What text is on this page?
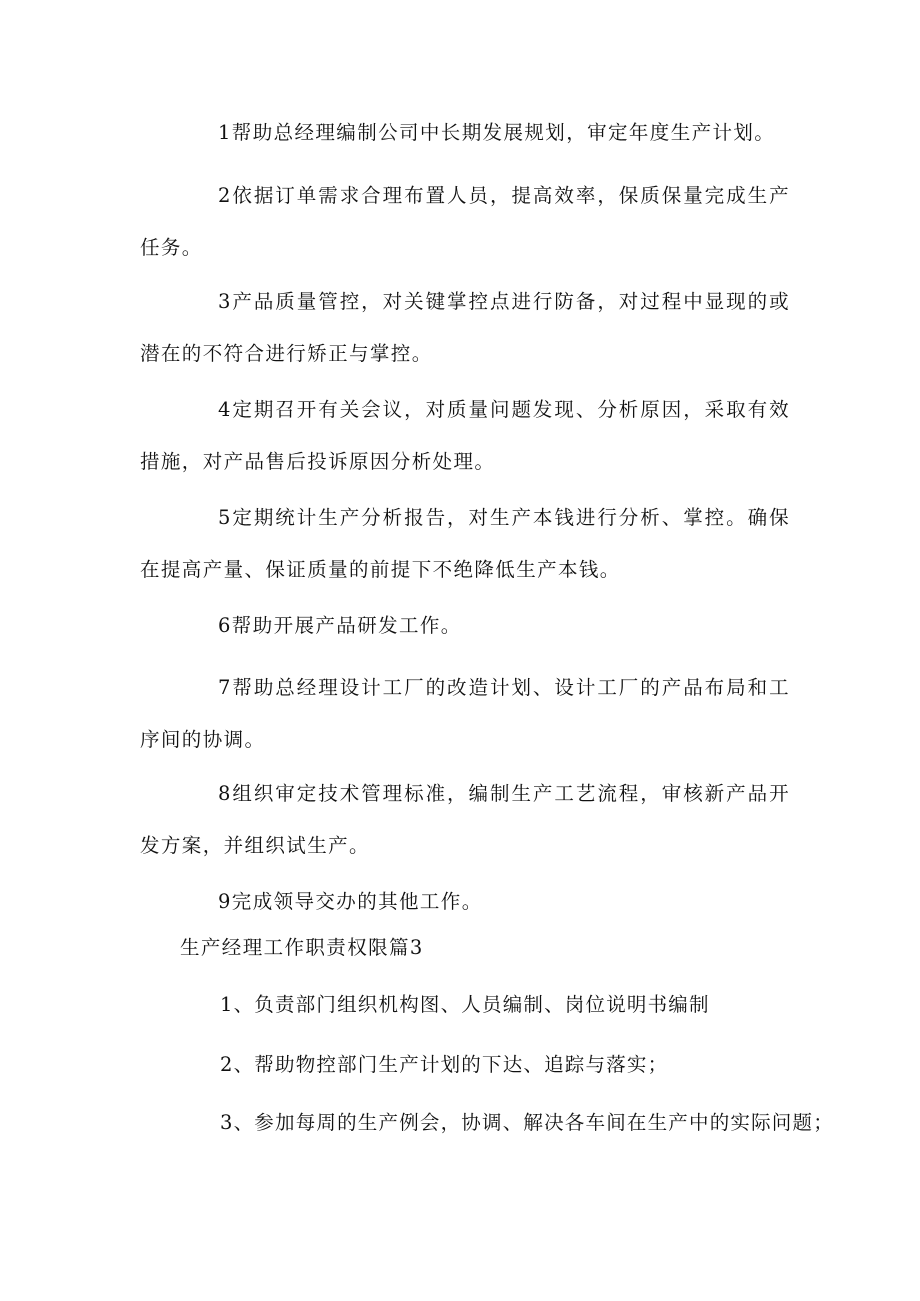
1帮助总经理编制公司中长期发展规划，审定年度生产计划。

2依据订单需求合理布置人员，提高效率，保质保量完成生产任务。

3产品质量管控，对关键掌控点进行防备，对过程中显现的或潜在的不符合进行矫正与掌控。

4定期召开有关会议，对质量问题发现、分析原因，采取有效措施，对产品售后投诉原因分析处理。

5定期统计生产分析报告，对生产本钱进行分析、掌控。确保在提高产量、保证质量的前提下不绝降低生产本钱。

6帮助开展产品研发工作。

7帮助总经理设计工厂的改造计划、设计工厂的产品布局和工序间的协调。

8组织审定技术管理标准，编制生产工艺流程，审核新产品开发方案，并组织试生产。

9完成领导交办的其他工作。

生产经理工作职责权限篇3

1、负责部门组织机构图、人员编制、岗位说明书编制

2、帮助物控部门生产计划的下达、追踪与落实；

3、参加每周的生产例会，协调、解决各车间在生产中的实际问题；
